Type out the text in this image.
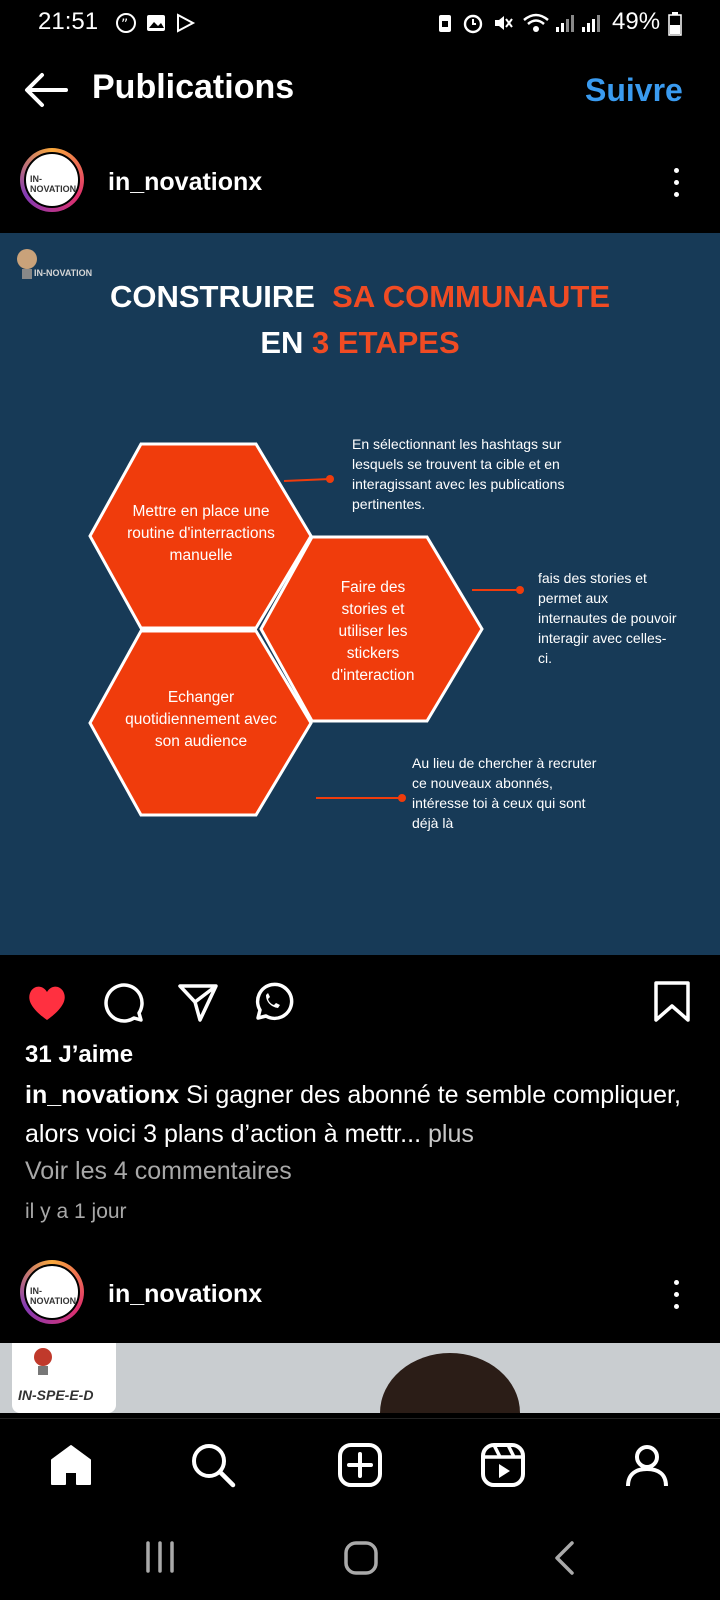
21:51 ”	49%
Publications	Suivre
IN-NOVATION in_novationx
IN-NOVATION
CONSTRUIRE SA COMMUNAUTE
EN 3 ETAPES
Mettre en place une routine d'interractions manuelle
Faire des stories et utiliser les stickers d'interaction
Echanger quotidiennement avec son audience
En sélectionnant les hashtags sur lesquels se trouvent ta cible et en interagissant avec les publications pertinentes.
fais des stories et permet aux internautes de pouvoir interagir avec celles-ci.
Au lieu de chercher à recruter ce nouveaux abonnés, intéresse toi à ceux qui sont déjà là
31 J’aime
in_novationx Si gagner des abonné te semble compliquer, alors voici 3 plans d’action à mettr... plus
Voir les 4 commentaires
il y a 1 jour
IN-NOVATION in_novationx
IN-SPE-E-D
